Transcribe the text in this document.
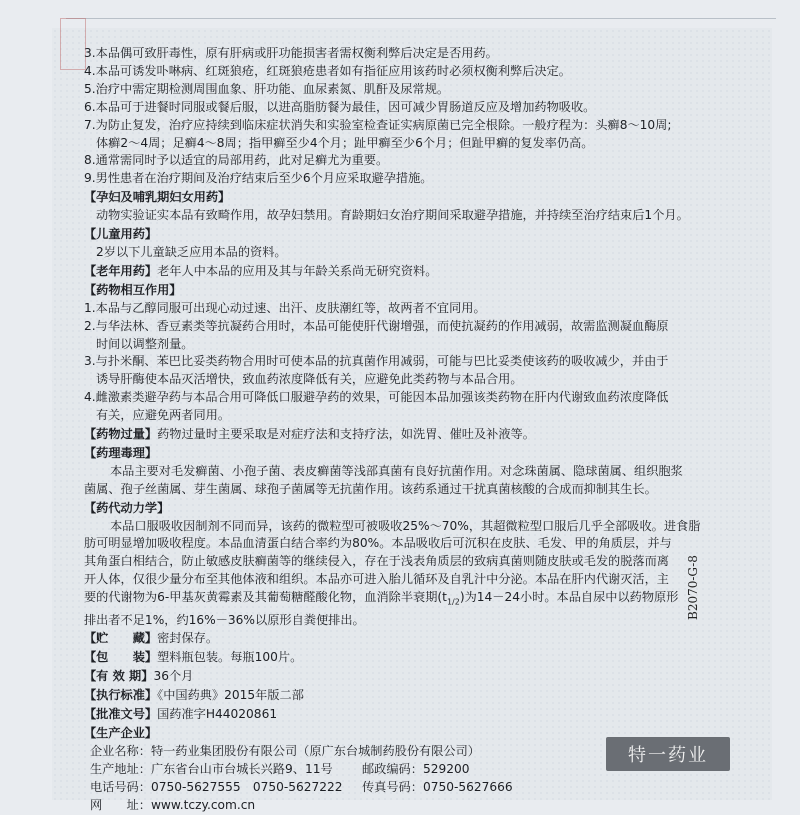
3.本品偶可致肝毒性，原有肝病或肝功能损害者需权衡利弊后决定是否用药。
4.本品可诱发卟啉病、红斑狼疮，红斑狼疮患者如有指征应用该药时必须权衡利弊后决定。
5.治疗中需定期检测周围血象、肝功能、血尿素氮、肌酐及尿常规。
6.本品可于进餐时同服或餐后服，以进高脂肪餐为最佳，因可减少胃肠道反应及增加药物吸收。
7.为防止复发，治疗应持续到临床症状消失和实验室检查证实病原菌已完全根除。一般疗程为：头癣8～10周;
体癣2～4周；足癣4～8周；指甲癣至少4个月；趾甲癣至少6个月；但趾甲癣的复发率仍高。
8.通常需同时予以适宜的局部用药，此对足癣尤为重要。
9.男性患者在治疗期间及治疗结束后至少6个月应采取避孕措施。
【孕妇及哺乳期妇女用药】
动物实验证实本品有致畸作用，故孕妇禁用。育龄期妇女治疗期间采取避孕措施，并持续至治疗结束后1个月。
【儿童用药】
2岁以下儿童缺乏应用本品的资料。
【老年用药】老年人中本品的应用及其与年龄关系尚无研究资料。
【药物相互作用】
1.本品与乙醇同服可出现心动过速、出汗、皮肤潮红等，故两者不宜同用。
2.与华法林、香豆素类等抗凝药合用时，本品可能使肝代谢增强，而使抗凝药的作用减弱，故需监测凝血酶原
时间以调整剂量。
3.与扑米酮、苯巴比妥类药物合用时可使本品的抗真菌作用减弱，可能与巴比妥类使该药的吸收减少，并由于
诱导肝酶使本品灭活增快，致血药浓度降低有关，应避免此类药物与本品合用。
4.雌激素类避孕药与本品合用可降低口服避孕药的效果，可能因本品加强该类药物在肝内代谢致血药浓度降低
有关，应避免两者同用。
【药物过量】药物过量时主要采取是对症疗法和支持疗法，如洗胃、催吐及补液等。
【药理毒理】
本品主要对毛发癣菌、小孢子菌、表皮癣菌等浅部真菌有良好抗菌作用。对念珠菌属、隐球菌属、组织胞浆
菌属、孢子丝菌属、芽生菌属、球孢子菌属等无抗菌作用。该药系通过干扰真菌核酸的合成而抑制其生长。
【药代动力学】
本品口服吸收因制剂不同而异，该药的微粒型可被吸收25%～70%，其超微粒型口服后几乎全部吸收。进食脂
肪可明显增加吸收程度。本品血清蛋白结合率约为80%。本品吸收后可沉积在皮肤、毛发、甲的角质层，并与
其角蛋白相结合，防止敏感皮肤癣菌等的继续侵入，存在于浅表角质层的致病真菌则随皮肤或毛发的脱落而离
开人体，仅很少量分布至其他体液和组织。本品亦可进入胎儿循环及自乳汁中分泌。本品在肝内代谢灭活，主
要的代谢物为6-甲基灰黄霉素及其葡萄糖醛酸化物，血消除半衰期$(t_{1/2})$为14－24小时。本品自尿中以药物原形
排出者不足1%，约16%－36%以原形自粪便排出。
【贮　　藏】密封保存。
【包　　装】塑料瓶包装。每瓶100片。
【有 效 期】36个月
【执行标准】《中国药典》2015年版二部
【批准文号】国药准字H44020861
【生产企业】
企业名称：特一药业集团股份有限公司（原广东台城制药股份有限公司）
生产地址：广东省台山市台城长兴路9、11号	邮政编码：529200
电话号码：0750-5627555　0750-5627222	传真号码：0750-5627666
网　　址：www.tczy.com.cn
B2070-G-8
特一药业
